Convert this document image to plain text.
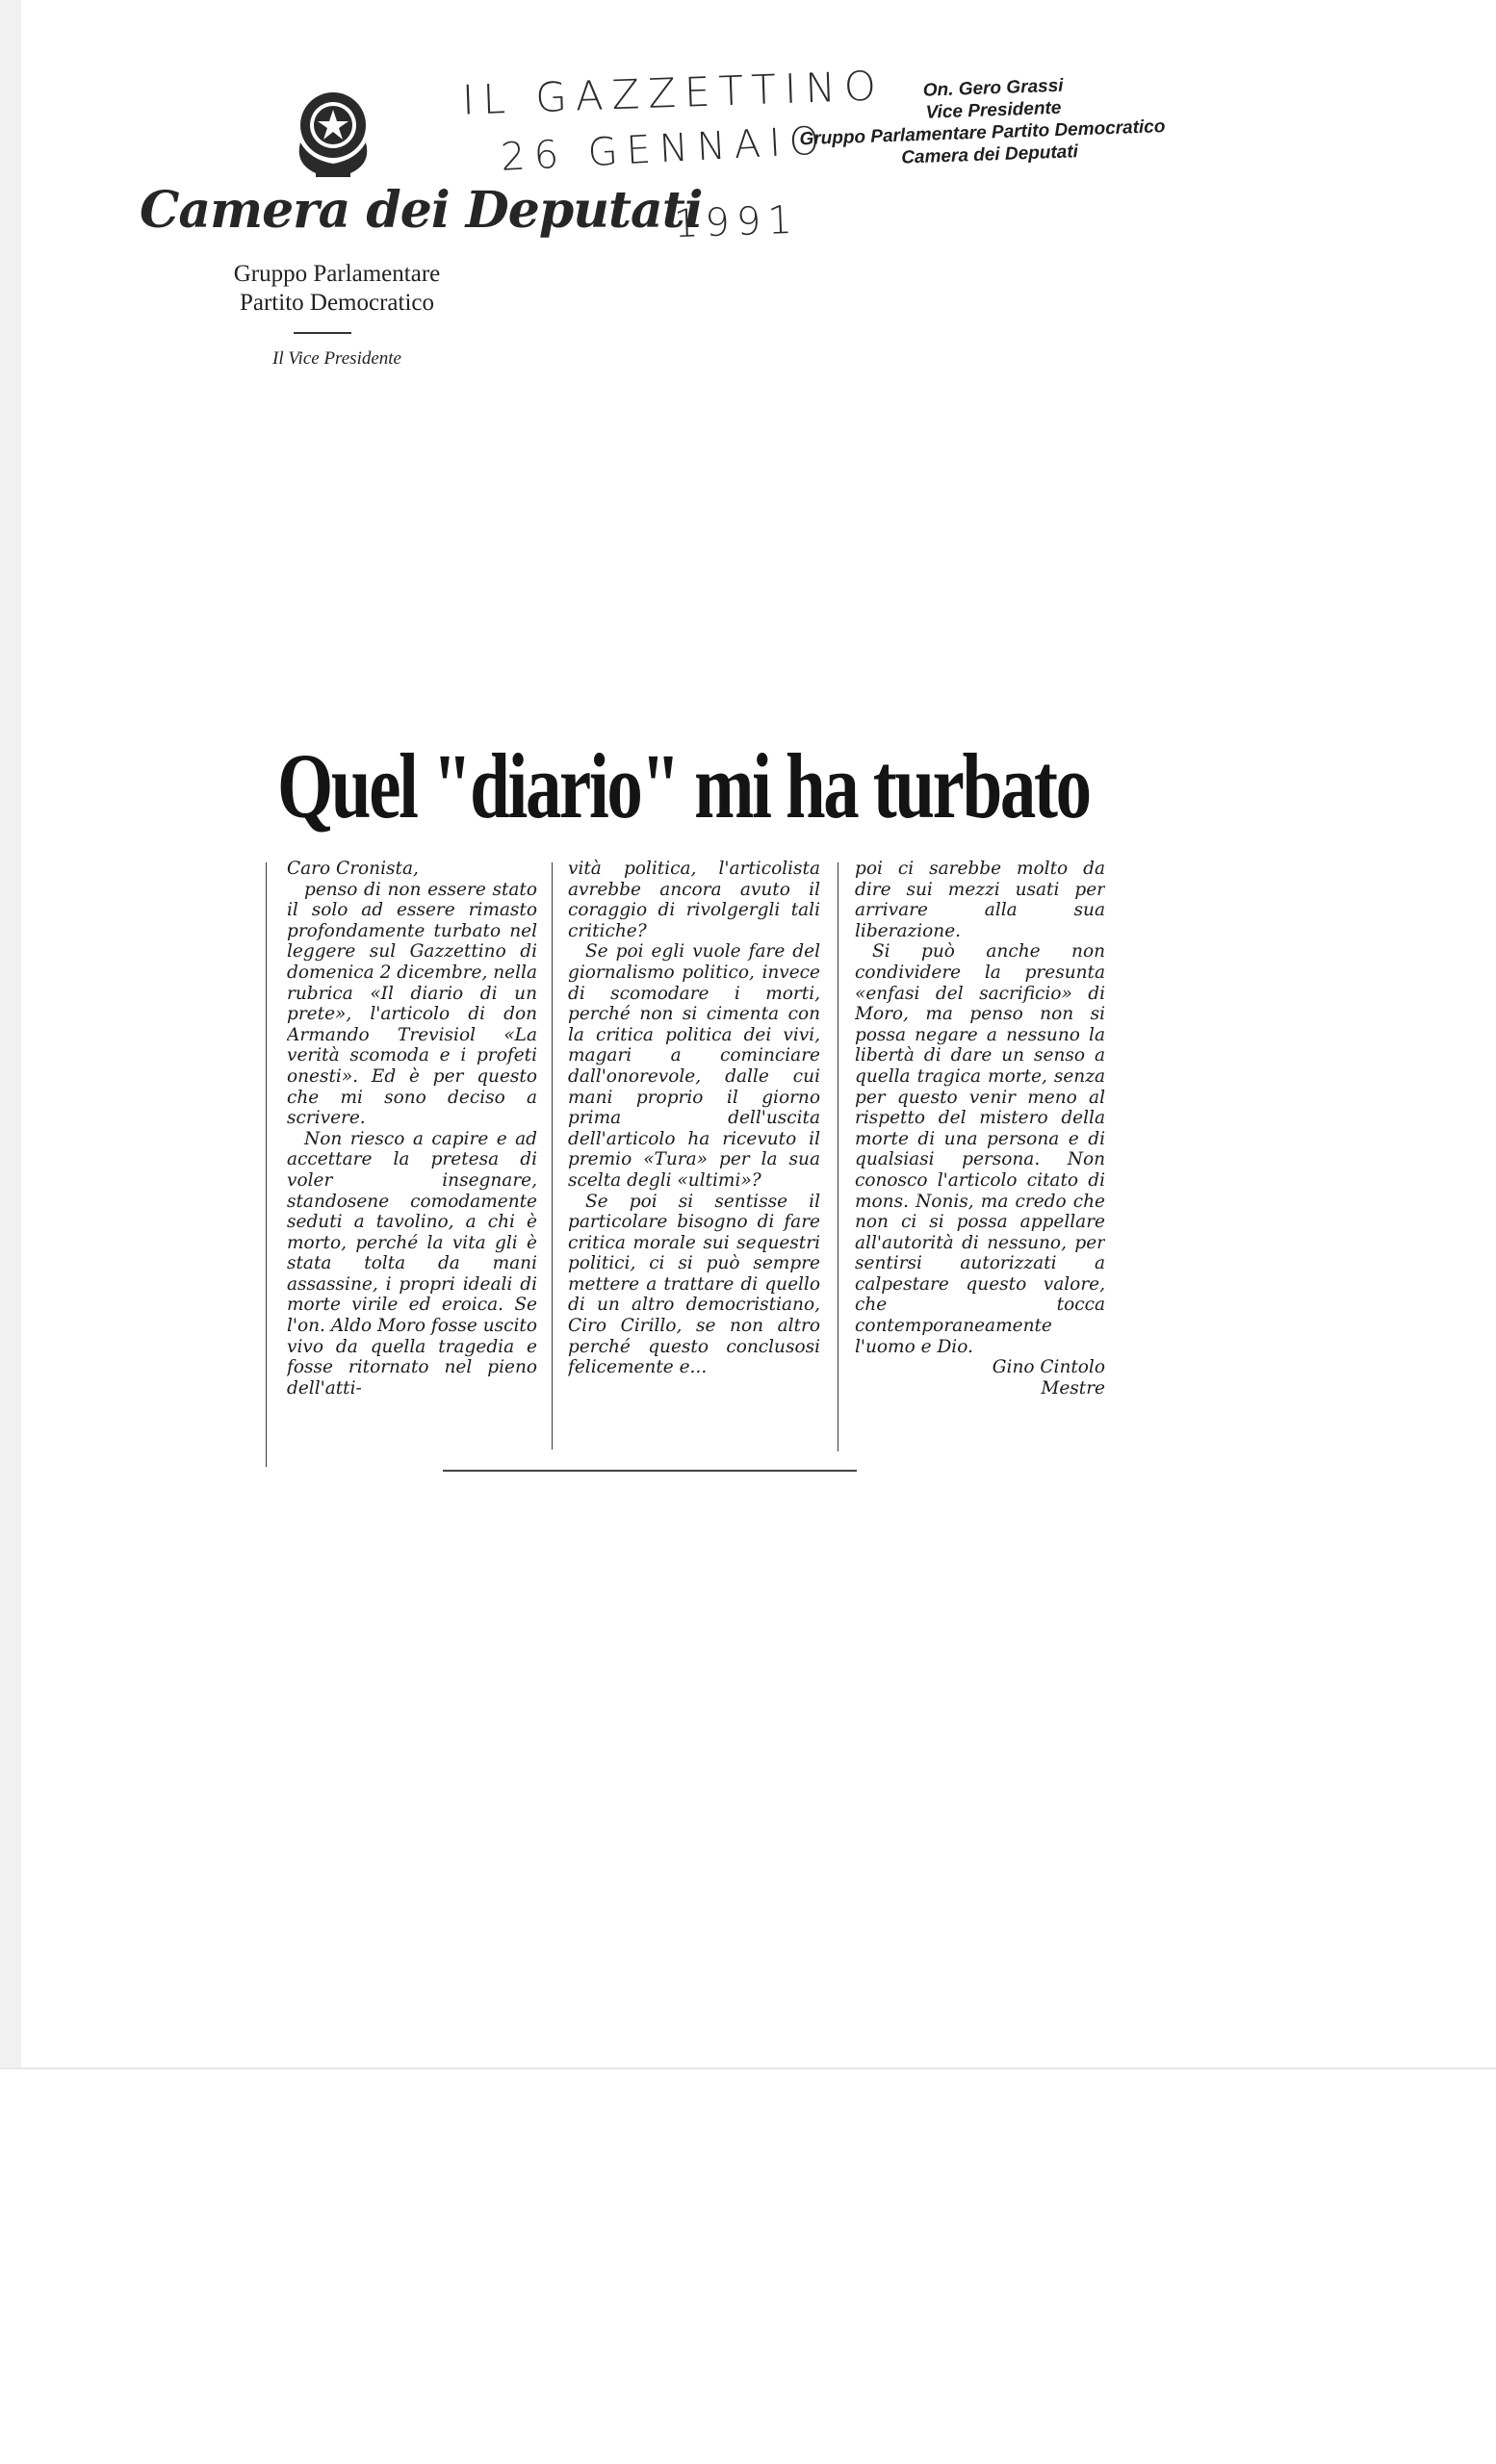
Camera dei Deputati
Gruppo Parlamentare
Partito Democratico
Il Vice Presidente
IL GAZZETTINO
26 GENNAIO
1991
On. Gero Grassi
Vice Presidente
Gruppo Parlamentare Partito Democratico
Camera dei Deputati
Quel "diario" mi ha turbato

Caro Cronista,

penso di non essere stato il solo ad essere rimasto profondamente turbato nel leggere sul Gazzettino di domenica 2 dicembre, nella rubrica «Il diario di un prete», l'articolo di don Armando Trevisiol «La verità scomoda e i profeti onesti». Ed è per questo che mi sono deciso a scrivere.

Non riesco a capire e ad accettare la pretesa di voler insegnare, standosene comodamente seduti a tavolino, a chi è morto, perché la vita gli è stata tolta da mani assassine, i propri ideali di morte virile ed eroica. Se l'on. Aldo Moro fosse uscito vivo da quella tragedia e fosse ritornato nel pieno dell'atti-

vità politica, l'articolista avrebbe ancora avuto il coraggio di rivolgergli tali critiche?

Se poi egli vuole fare del giornalismo politico, invece di scomodare i morti, perché non si cimenta con la critica politica dei vivi, magari a cominciare dall'onorevole, dalle cui mani proprio il giorno prima dell'uscita dell'articolo ha ricevuto il premio «Tura» per la sua scelta degli «ultimi»?

Se poi si sentisse il particolare bisogno di fare critica morale sui sequestri politici, ci si può sempre mettere a trattare di quello di un altro democristiano, Ciro Cirillo, se non altro perché questo conclusosi felicemente e...

poi ci sarebbe molto da dire sui mezzi usati per arrivare alla sua liberazione.

Si può anche non condividere la presunta «enfasi del sacrificio» di Moro, ma penso non si possa negare a nessuno la libertà di dare un senso a quella tragica morte, senza per questo venir meno al rispetto del mistero della morte di una persona e di qualsiasi persona. Non conosco l'articolo citato di mons. Nonis, ma credo che non ci si possa appellare all'autorità di nessuno, per sentirsi autorizzati a calpestare questo valore, che tocca contemporaneamente l'uomo e Dio.

Gino Cintolo

Mestre
